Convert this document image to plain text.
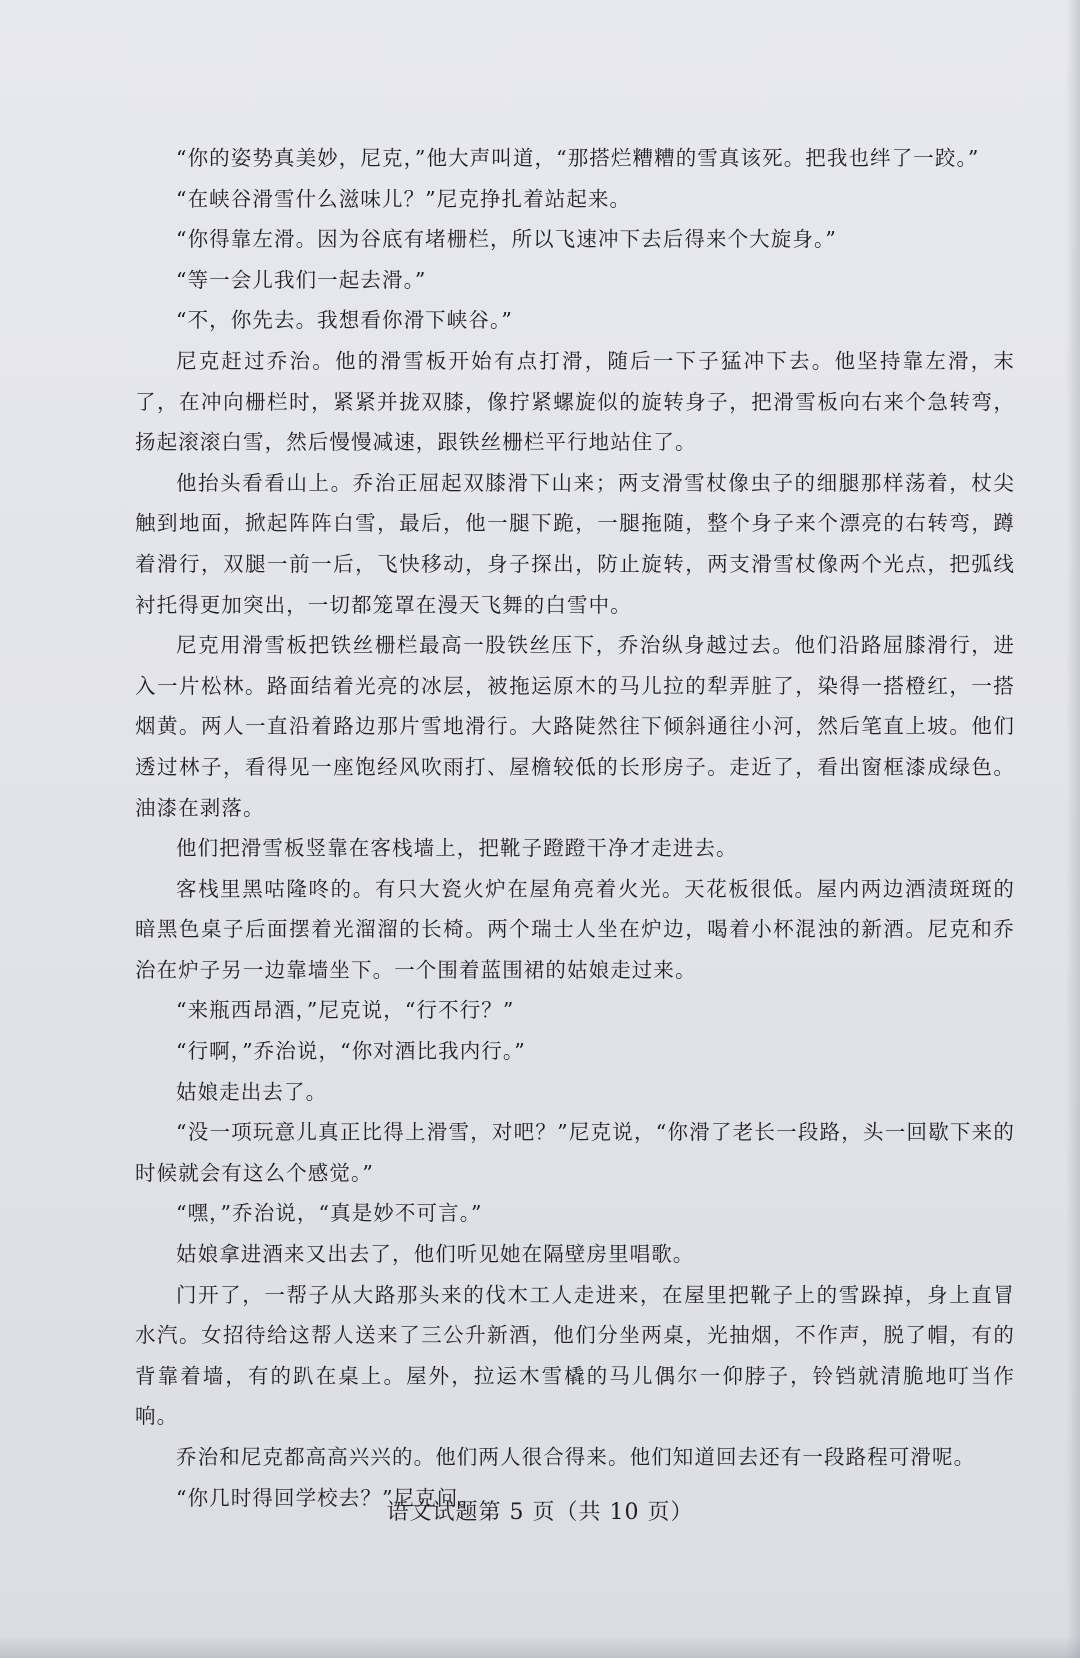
“你的姿势真美妙，尼克，”他大声叫道，“那搭烂糟糟的雪真该死。把我也绊了一跤。”

“在峡谷滑雪什么滋味儿？”尼克挣扎着站起来。

“你得靠左滑。因为谷底有堵栅栏，所以飞速冲下去后得来个大旋身。”

“等一会儿我们一起去滑。”

“不，你先去。我想看你滑下峡谷。”

尼克赶过乔治。他的滑雪板开始有点打滑，随后一下子猛冲下去。他坚持靠左滑，末了，在冲向栅栏时，紧紧并拢双膝，像拧紧螺旋似的旋转身子，把滑雪板向右来个急转弯，扬起滚滚白雪，然后慢慢减速，跟铁丝栅栏平行地站住了。

他抬头看看山上。乔治正屈起双膝滑下山来；两支滑雪杖像虫子的细腿那样荡着，杖尖触到地面，掀起阵阵白雪，最后，他一腿下跪，一腿拖随，整个身子来个漂亮的右转弯，蹲着滑行，双腿一前一后，飞快移动，身子探出，防止旋转，两支滑雪杖像两个光点，把弧线衬托得更加突出，一切都笼罩在漫天飞舞的白雪中。

尼克用滑雪板把铁丝栅栏最高一股铁丝压下，乔治纵身越过去。他们沿路屈膝滑行，进入一片松林。路面结着光亮的冰层，被拖运原木的马儿拉的犁弄脏了，染得一搭橙红，一搭烟黄。两人一直沿着路边那片雪地滑行。大路陡然往下倾斜通往小河，然后笔直上坡。他们透过林子，看得见一座饱经风吹雨打、屋檐较低的长形房子。走近了，看出窗框漆成绿色。油漆在剥落。

他们把滑雪板竖靠在客栈墙上，把靴子蹬蹬干净才走进去。

客栈里黑咕隆咚的。有只大瓷火炉在屋角亮着火光。天花板很低。屋内两边酒渍斑斑的暗黑色桌子后面摆着光溜溜的长椅。两个瑞士人坐在炉边，喝着小杯混浊的新酒。尼克和乔治在炉子另一边靠墙坐下。一个围着蓝围裙的姑娘走过来。

“来瓶西昂酒，”尼克说，“行不行？”

“行啊，”乔治说，“你对酒比我内行。”

姑娘走出去了。

“没一项玩意儿真正比得上滑雪，对吧？”尼克说，“你滑了老长一段路，头一回歇下来的时候就会有这么个感觉。”

“嘿，”乔治说，“真是妙不可言。”

姑娘拿进酒来又出去了，他们听见她在隔壁房里唱歌。

门开了，一帮子从大路那头来的伐木工人走进来，在屋里把靴子上的雪跺掉，身上直冒水汽。女招待给这帮人送来了三公升新酒，他们分坐两桌，光抽烟，不作声，脱了帽，有的背靠着墙，有的趴在桌上。屋外，拉运木雪橇的马儿偶尔一仰脖子，铃铛就清脆地叮当作响。

乔治和尼克都高高兴兴的。他们两人很合得来。他们知道回去还有一段路程可滑呢。

“你几时得回学校去？”尼克问。

语文试题第 5 页（共 10 页）
